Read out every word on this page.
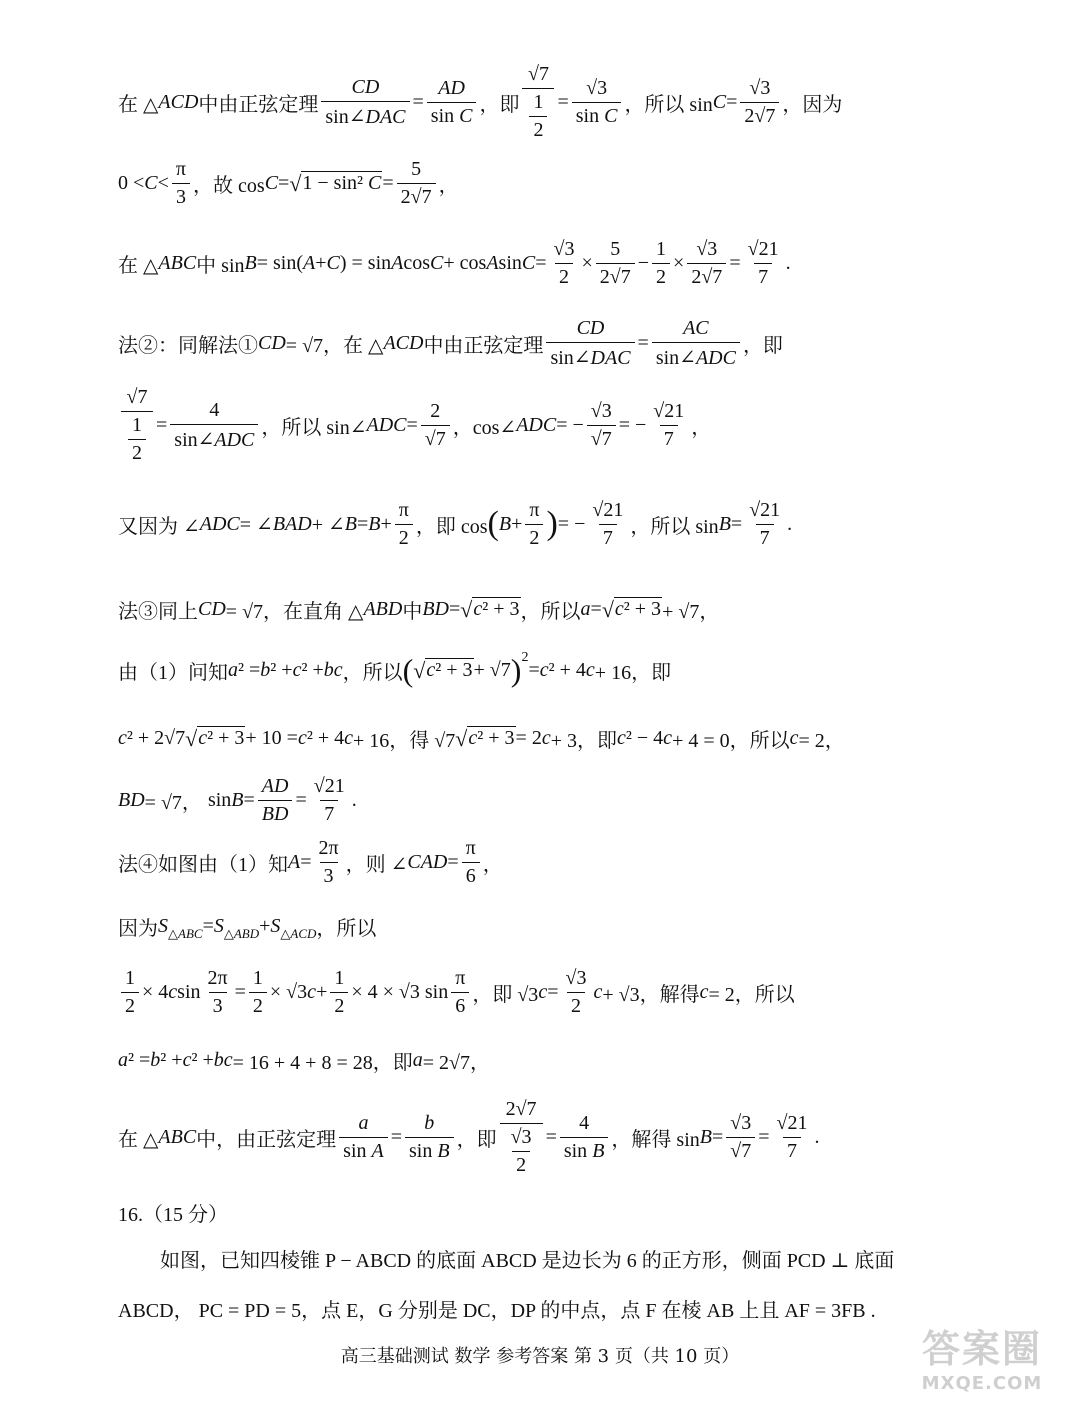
在 △ ACD 中由正弦定理 $\frac{CD}{\text{sin∠DAC}} = \frac{AD}{\text{sin C}}$ ，即 $\frac{√7}{\frac{1}{2}} = \frac{√3}{\text{sin C}}$ ，所以 $\sin C = \frac{√3}{2√7}$ ，因为
$0 < C < \frac{\pi}{3}$ ，故 cos C = √ 1 − sin² $C = \frac{5}{2√7}$ ，
在 △ ABC 中 sin B = sin( A + C ) = sin A cos C + cos A $\sin C = \frac{√3}{2} \times \frac{5}{2√7} - \frac{1}{2} \times \frac{√3}{2√7} = \frac{√21}{7}$ .
法②：同解法① CD = √7，在 △ ACD 中由正弦定理 $\frac{CD}{\text{sin∠DAC}} = \frac{AC}{\text{sin∠ADC}}$ ，即
$\frac{√7}{\frac{1}{2}} = \frac{4}{\text{sin∠ADC}}$ ，所以 sin∠ ADC = $\frac{2}{√7}$ ，cos∠ ADC = − $\frac{√3}{√7}$ = − $\frac{√21}{7}$ ，
又因为 ∠ ADC = ∠ BAD + ∠ $B = B + \frac{\pi}{2}$ ，即 cos ( $B + \frac{\pi}{2}$ ) = − $\frac{√21}{7}$ ，所以 $\sin B = \frac{√21}{7}$ .
法③同上 CD = √7，在直角 △ ABD 中 BD = √ c² + 3 ，所以 a = √ c² + 3 + √7，
由（1）问知 a ² = b ² + c ² + bc ，所以 ( √ c² + 3 + √7 ) 2
= c ² + 4 c + 16，即
c ² + 2√7 √ c² + 3 + 10 = c ² + 4 c + 16，得 √7 √ c² + 3 = 2 c + 3，即 c ² − 4 c + 4 = 0，所以 c = 2，
BD = √7， $\sin B = \frac{AD}{BD} = \frac{√21}{7}$ .
法④如图由（1）知 $A = \frac{2\pi}{3}$ ，则 ∠ CAD = $\frac{\pi}{6}$ ，
因为 S △ABC = S △ABD + S △ACD ，所以
$\frac{1}{2} \times 4$ c $\sin \frac{2\pi}{3} = \frac{1}{2} \times √3$ $c + \frac{1}{2} \times 4 \times √3$ $\sin \frac{\pi}{6}$ ，即 √3 $c = \frac{√3}{2}$ c + √3，解得 c = 2，所以
a ² = b ² + c ² + bc = 16 + 4 + 8 = 28，即 a = 2√7，
在 △ ABC 中，由正弦定理 $\frac{a}{\text{sin A}} = \frac{b}{\text{sin B}}$ ，即 $\frac{2√7}{\frac{√3}{2}} = \frac{4}{\text{sin B}}$ ，解得 $\sin B = \frac{√3}{√7} = \frac{√21}{7}$ .
16.（15 分）
如图，已知四棱锥 P − ABCD 的底面 ABCD 是边长为 6 的正方形，侧面 PCD ⊥ 底面
ABCD， PC = PD = 5，点 E，G 分别是 DC，DP 的中点，点 F 在棱 AB 上且 AF = 3FB .
高三基础测试 数学 参考答案 第 3 页（共 10 页）	答案圈
MXQE.COM
